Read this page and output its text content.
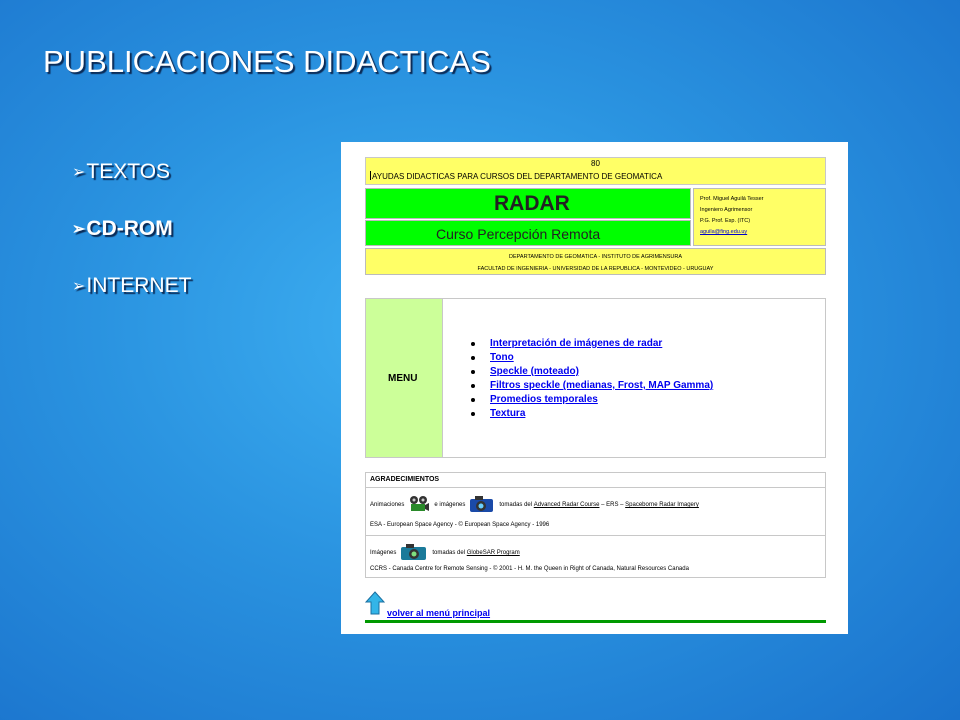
PUBLICACIONES DIDACTICAS
➢ TEXTOS
➢ CD-ROM
➢ INTERNET
80
AYUDAS DIDACTICAS PARA CURSOS DEL DEPARTAMENTO DE GEOMATICA
RADAR
Curso Percepción Remota
Prof. Miguel Aguilá Tesser
Ingeniero Agrimensor
P.G. Prof. Esp. (ITC)
aguila@fing.edu.uy
DEPARTAMENTO DE GEOMATICA - INSTITUTO DE AGRIMENSURA
FACULTAD DE INGENIERIA - UNIVERSIDAD DE LA REPUBLICA - MONTEVIDEO - URUGUAY
MENU
Interpretación de imágenes de radar
Tono
Speckle (moteado)
Filtros speckle (medianas, Frost, MAP Gamma)
Promedios temporales
Textura
AGRADECIMIENTOS
Animaciones	e imágenes	tomadas del
Advanced Radar Course
– ERS –
Spaceborne Radar Imagery
ESA - European Space Agency - © European Space Agency - 1996
Imágenes	tomadas del
GlobeSAR Program
CCRS - Canada Centre for Remote Sensing - © 2001 - H. M. the Queen in Right of Canada, Natural Resources Canada
volver al menú principal
